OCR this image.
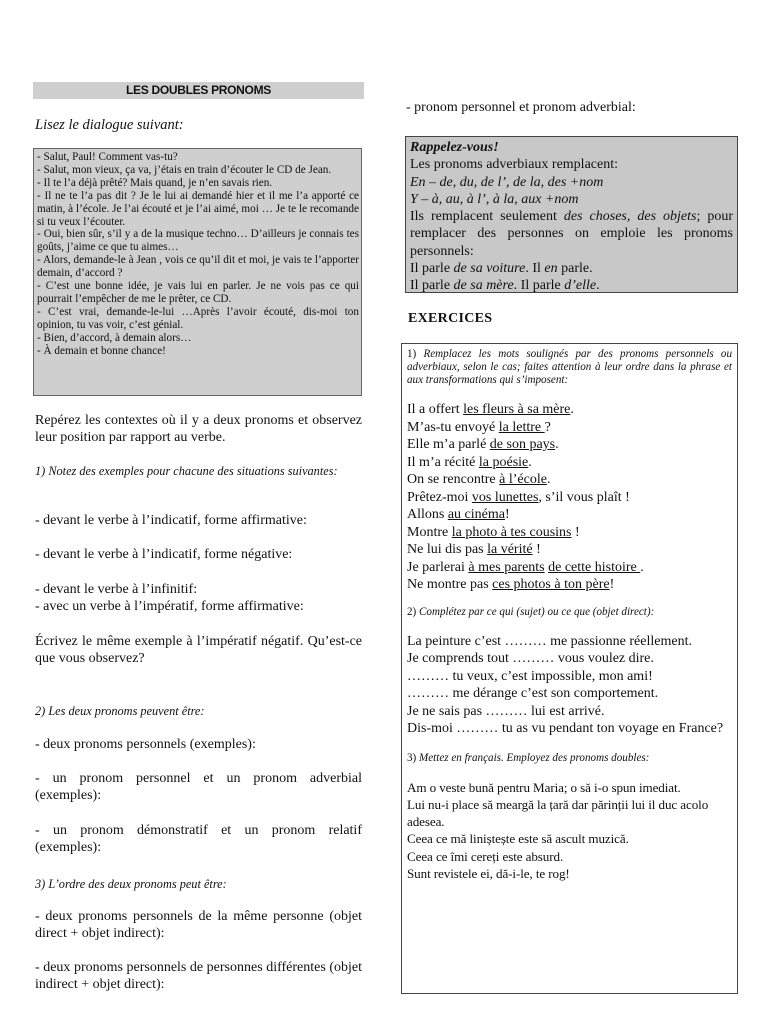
LES DOUBLES PRONOMS
Lisez le dialogue suivant:
- Salut, Paul! Comment vas-tu?
- Salut, mon vieux, ça va, j’étais en train d’écouter le CD de Jean.
- Il te l’a déjà prêté? Mais quand, je n’en savais rien.
- Il ne te l’a pas dit ? Je le lui ai demandé hier et il me l’a apporté ce matin, à l’école. Je l’ai écouté et je l’ai aimé, moi … Je te le recomande si tu veux l’écouter.
- Oui, bien sûr, s’il y a de la musique techno… D’ailleurs je connais tes goûts, j’aime ce que tu aimes…
- Alors, demande-le à Jean , vois ce qu’il dit et moi, je vais te l’apporter demain, d’accord ?
- C’est une bonne idée, je vais lui en parler. Je ne vois pas ce qui pourrait l’empêcher de me le prêter, ce CD.
- C’est vrai, demande-le-lui …Après l’avoir écouté, dis-moi ton opinion, tu vas voir, c’est génial.
- Bien, d’accord, à demain alors…
- À demain et bonne chance!
Repérez les contextes où il y a deux pronoms et observez leur position par rapport au verbe.
1) Notez des exemples pour chacune des situations suivantes:
- devant le verbe à l’indicatif, forme affirmative:
- devant le verbe à l’indicatif, forme négative:
- devant le verbe à l’infinitif:
- avec un verbe à l’impératif, forme affirmative:
Écrivez le même exemple à l’impératif négatif. Qu’est-ce que vous observez?
2) Les deux pronoms peuvent être:
- deux pronoms personnels (exemples):
- un pronom personnel et un pronom adverbial (exemples):
- un pronom démonstratif et un pronom relatif (exemples):
3) L’ordre des deux pronoms peut être:
- deux pronoms personnels de la même personne (objet direct + objet indirect):
- deux pronoms personnels de personnes différentes (objet indirect + objet direct):
- pronom personnel et pronom adverbial:
Rappelez-vous!
Les pronoms adverbiaux remplacent:
En – de, du, de l’, de la, des +nom
Y – à, au, à l’, à la, aux +nom
Ils remplacent seulement des choses, des objets; pour remplacer des personnes on emploie les pronoms personnels:
Il parle de sa voiture. Il en parle.
Il parle de sa mère. Il parle d’elle.
EXERCICES
1) Remplacez les mots soulignés par des pronoms personnels ou adverbiaux, selon le cas; faites attention à leur ordre dans la phrase et aux transformations qui s’imposent:
Il a offert les fleurs à sa mère.
M’as-tu envoyé la lettre ?
Elle m’a parlé de son pays.
Il m’a récité la poésie.
On se rencontre à l’école.
Prêtez-moi vos lunettes, s’il vous plaît !
Allons au cinéma!
Montre la photo à tes cousins !
Ne lui dis pas la vérité !
Je parlerai à mes parents de cette histoire .
Ne montre pas ces photos à ton père!
2) Complétez par ce qui (sujet) ou ce que (objet direct):
La peinture c’est ……… me passionne réellement.
Je comprends tout ……… vous voulez dire.
……… tu veux, c’est impossible, mon ami!
……… me dérange c’est son comportement.
Je ne sais pas ……… lui est arrivé.
Dis-moi ……… tu as vu pendant ton voyage en France?
3) Mettez en français. Employez des pronoms doubles:
Am o veste bună pentru Maria; o să i-o spun imediat.
Lui nu-i place să meargă la țară dar părinții lui il duc acolo adesea.
Ceea ce mă liniștește este să ascult muzică.
Ceea ce îmi cereți este absurd.
Sunt revistele ei, dă-i-le, te rog!
